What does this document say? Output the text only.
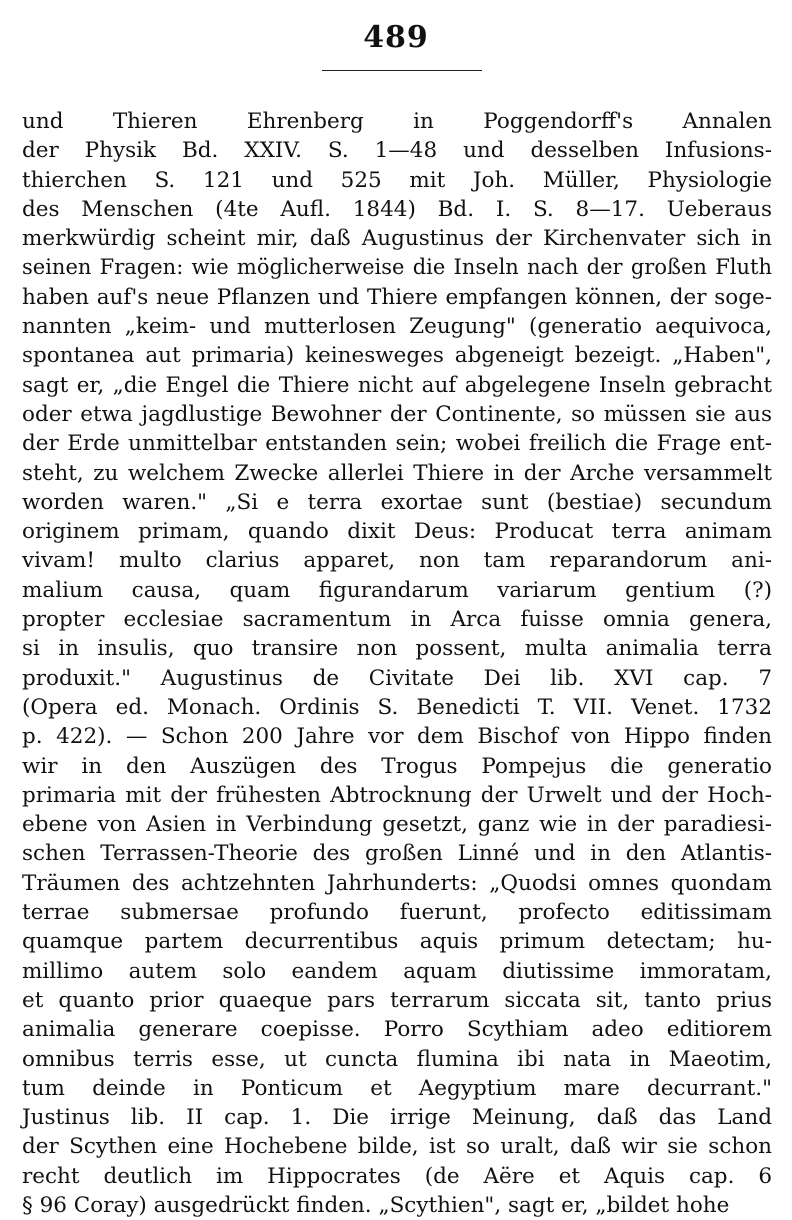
489
und Thieren Ehrenberg in Poggendorff's Annalen
der Physik Bd. XXIV. S. 1—48 und desselben Infusions-
thierchen S. 121 und 525 mit Joh. Müller, Physiologie
des Menschen (4te Aufl. 1844) Bd. I. S. 8—17. Ueberaus
merkwürdig scheint mir, daß Augustinus der Kirchenvater sich in
seinen Fragen: wie möglicherweise die Inseln nach der großen Fluth
haben auf's neue Pflanzen und Thiere empfangen können, der soge-
nannten „keim- und mutterlosen Zeugung" (generatio aequivoca,
spontanea aut primaria) keinesweges abgeneigt bezeigt. „Haben",
sagt er, „die Engel die Thiere nicht auf abgelegene Inseln gebracht
oder etwa jagdlustige Bewohner der Continente, so müssen sie aus
der Erde unmittelbar entstanden sein; wobei freilich die Frage ent-
steht, zu welchem Zwecke allerlei Thiere in der Arche versammelt
worden waren." „Si e terra exortae sunt (bestiae) secundum
originem primam, quando dixit Deus: Producat terra animam
vivam! multo clarius apparet, non tam reparandorum ani-
malium causa, quam figurandarum variarum gentium (?)
propter ecclesiae sacramentum in Arca fuisse omnia genera,
si in insulis, quo transire non possent, multa animalia terra
produxit." Augustinus de Civitate Dei lib. XVI cap. 7
(Opera ed. Monach. Ordinis S. Benedicti T. VII. Venet. 1732
p. 422). — Schon 200 Jahre vor dem Bischof von Hippo finden
wir in den Auszügen des Trogus Pompejus die generatio
primaria mit der frühesten Abtrocknung der Urwelt und der Hoch-
ebene von Asien in Verbindung gesetzt, ganz wie in der paradiesi-
schen Terrassen-Theorie des großen Linné und in den Atlantis-
Träumen des achtzehnten Jahrhunderts: „Quodsi omnes quondam
terrae submersae profundo fuerunt, profecto editissimam
quamque partem decurrentibus aquis primum detectam; hu-
millimo autem solo eandem aquam diutissime immoratam,
et quanto prior quaeque pars terrarum siccata sit, tanto prius
animalia generare coepisse. Porro Scythiam adeo editiorem
omnibus terris esse, ut cuncta flumina ibi nata in Maeotim,
tum deinde in Ponticum et Aegyptium mare decurrant."
Justinus lib. II cap. 1. Die irrige Meinung, daß das Land
der Scythen eine Hochebene bilde, ist so uralt, daß wir sie schon
recht deutlich im Hippocrates (de Aëre et Aquis cap. 6
§ 96 Coray) ausgedrückt finden. „Scythien", sagt er, „bildet hohe
